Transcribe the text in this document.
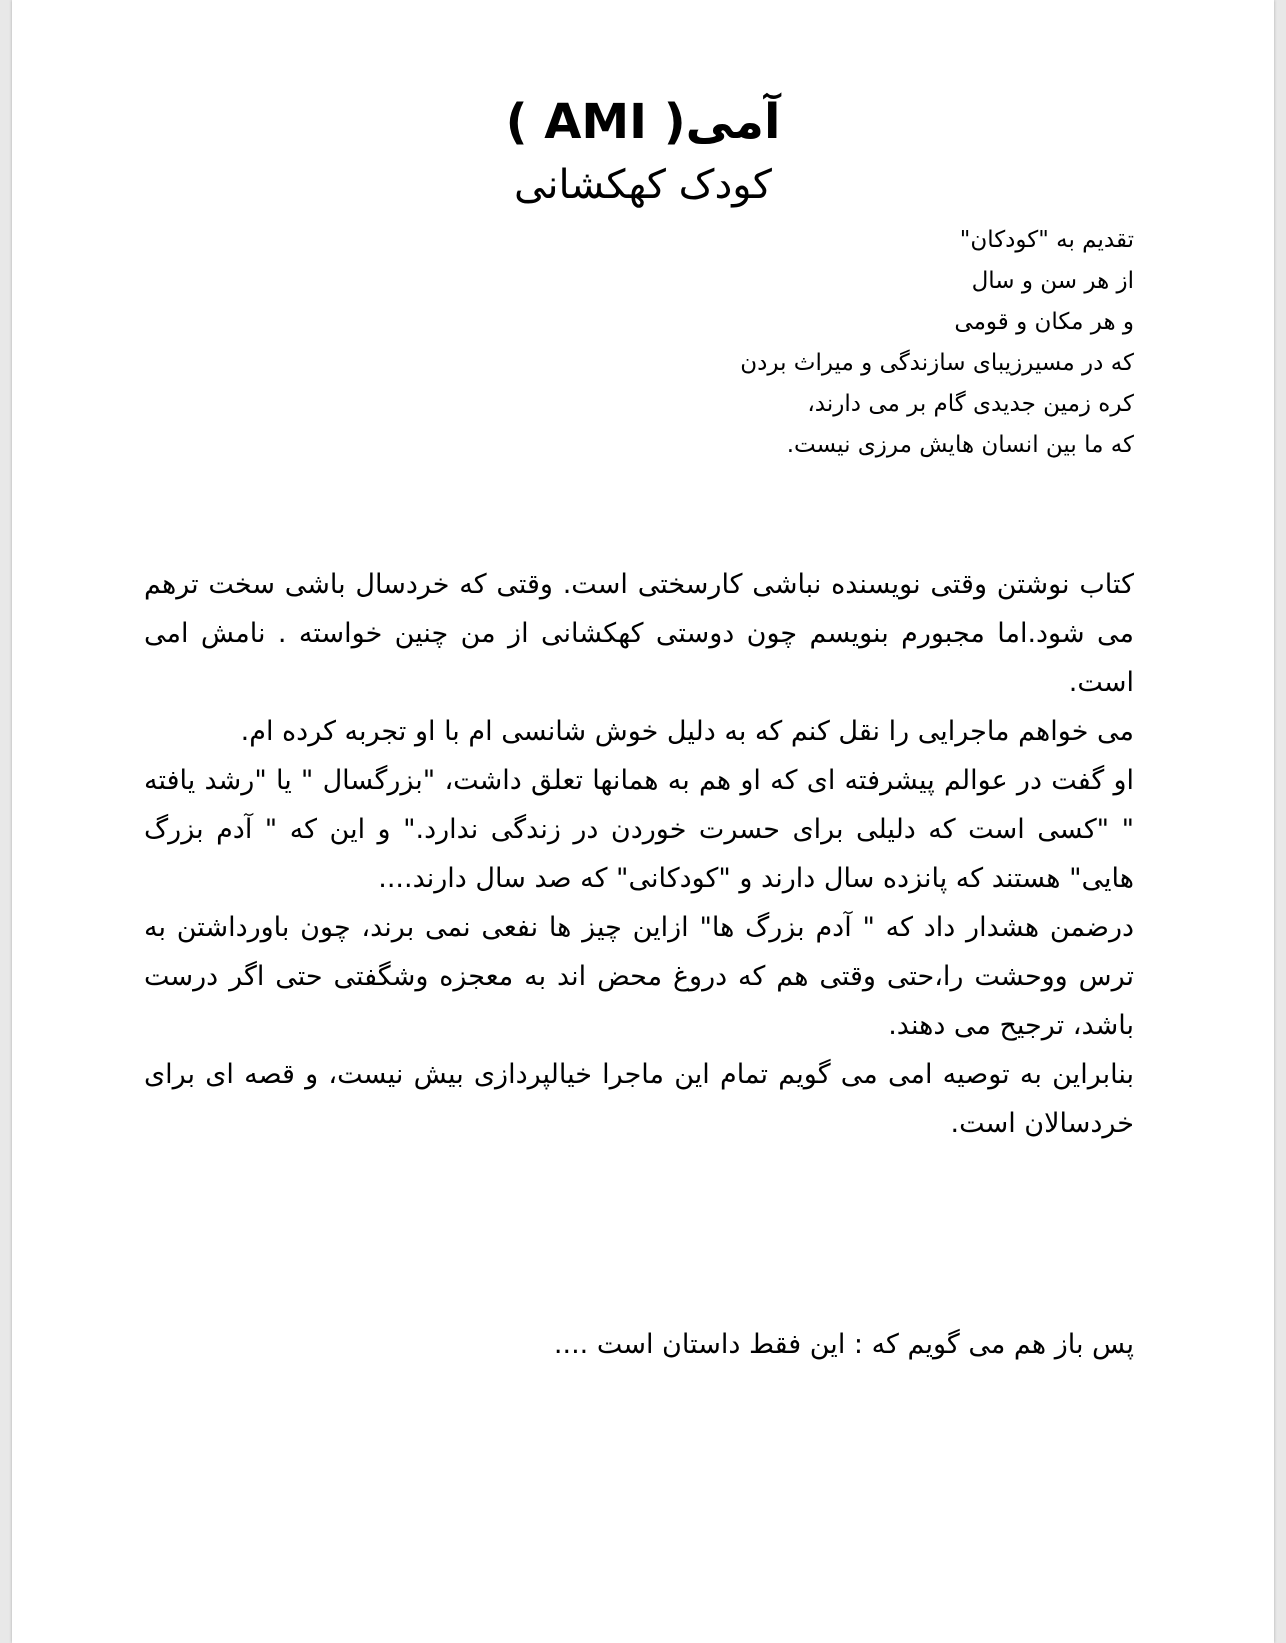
آمی( AMI )
کودک کهکشانی
تقدیم به "کودکان"
از هر سن و سال
و هر مکان و قومی
که در مسیرزیبای سازندگی و میراث بردن
کره زمین جدیدی گام بر می دارند،
که ما بین انسان هایش مرزی نیست.

کتاب نوشتن وقتی نویسنده نباشی کارسختی است. وقتی که خردسال باشی سخت ترهم می شود.اما مجبورم بنویسم چون دوستی کهکشانی از من چنین خواسته . نامش امی است.

می خواهم ماجرایی را نقل کنم که به دلیل خوش شانسی ام با او تجربه کرده ام.

او گفت در عوالم پیشرفته ای که او هم به همانها تعلق داشت، "بزرگسال " یا "رشد یافته " "کسی است که دلیلی برای حسرت خوردن در زندگی ندارد." و این که " آدم بزرگ هایی" هستند که پانزده سال دارند و "کودکانی" که صد سال دارند....

درضمن هشدار داد که " آدم بزرگ ها" ازاین چیز ها نفعی نمی برند، چون باورداشتن به ترس ووحشت را،حتی وقتی هم که دروغ محض اند به معجزه وشگفتی حتی اگر درست باشد، ترجیح می دهند.

بنابراین به توصیه امی می گویم تمام این ماجرا خیالپردازی بیش نیست، و قصه ای برای خردسالان است.

پس باز هم می گویم که : این فقط داستان است ....
